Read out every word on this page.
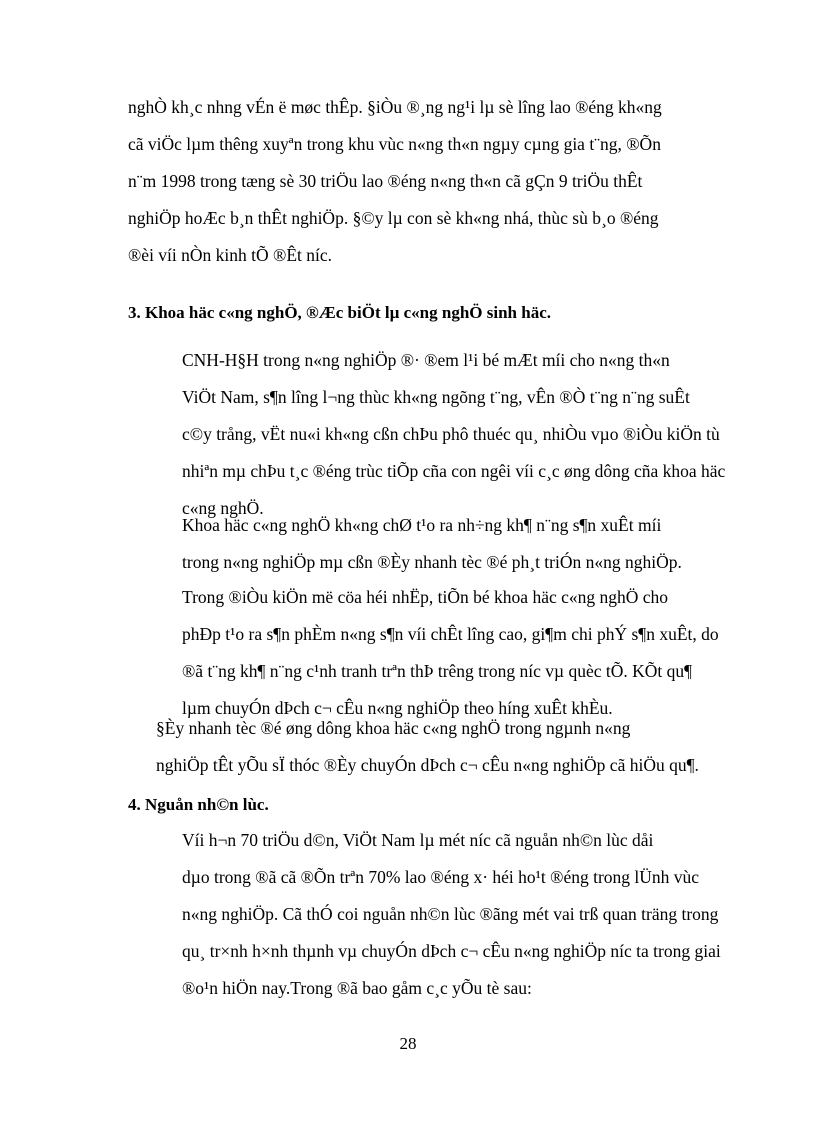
nghÒ kh¸c nhng vÉn ë møc thÊp. §iÒu ®¸ng ng¹i lµ sè lîng lao ®éng kh«ng
cã viÖc lµm thêng xuyªn trong khu vùc n«ng th«n ngµy cµng gia t¨ng, ®Õn
n¨m 1998 trong tæng sè 30 triÖu lao ®éng n«ng th«n cã gÇn 9 triÖu thÊt
nghiÖp hoÆc b¸n thÊt nghiÖp. §©y lµ con sè kh«ng nhá, thùc sù b¸o ®éng
®èi víi nÒn kinh tÕ ®Êt níc.

3. Khoa häc c«ng nghÖ, ®Æc biÖt lµ c«ng nghÖ sinh häc.

CNH-H§H trong n«ng nghiÖp ®· ®em l¹i bé mÆt míi cho n«ng th«n
ViÖt Nam, s¶n lîng l¬ng thùc kh«ng ngõng t¨ng, vÊn ®Ò t¨ng n¨ng suÊt
c©y trång, vËt nu«i kh«ng cßn chÞu phô thuéc qu¸ nhiÒu vµo ®iÒu kiÖn tù
nhiªn mµ chÞu t¸c ®éng trùc tiÕp cña con ngêi víi c¸c øng dông cña khoa häc
c«ng nghÖ.

Khoa häc c«ng nghÖ kh«ng chØ t¹o ra nh÷ng kh¶ n¨ng s¶n xuÊt míi
trong n«ng nghiÖp mµ cßn ®Èy nhanh tèc ®é ph¸t triÓn n«ng nghiÖp.

Trong ®iÒu kiÖn më cöa héi nhËp, tiÕn bé khoa häc c«ng nghÖ cho
phÐp t¹o ra s¶n phÈm n«ng s¶n víi chÊt lîng cao, gi¶m chi phÝ s¶n xuÊt, do
®ã t¨ng kh¶ n¨ng c¹nh tranh trªn thÞ trêng trong níc vµ quèc tÕ. KÕt qu¶
lµm chuyÓn dÞch c¬ cÊu n«ng nghiÖp theo híng xuÊt khÈu.

§Èy nhanh tèc ®é øng dông khoa häc c«ng nghÖ trong ngµnh n«ng
nghiÖp tÊt yÕu sÏ thóc ®Èy chuyÓn dÞch c¬ cÊu n«ng nghiÖp cã hiÖu qu¶.

4. Nguån nh©n lùc.

Víi h¬n 70 triÖu d©n, ViÖt Nam lµ mét níc cã nguån nh©n lùc dåi
dµo trong ®ã cã ®Õn trªn 70% lao ®éng x· héi ho¹t ®éng trong lÜnh vùc
n«ng nghiÖp. Cã thÓ coi nguån nh©n lùc ®ãng mét vai trß quan träng trong
qu¸ tr×nh h×nh thµnh vµ chuyÓn dÞch c¬ cÊu n«ng nghiÖp níc ta trong giai
®o¹n hiÖn nay.Trong ®ã bao gåm c¸c yÕu tè sau:

28
